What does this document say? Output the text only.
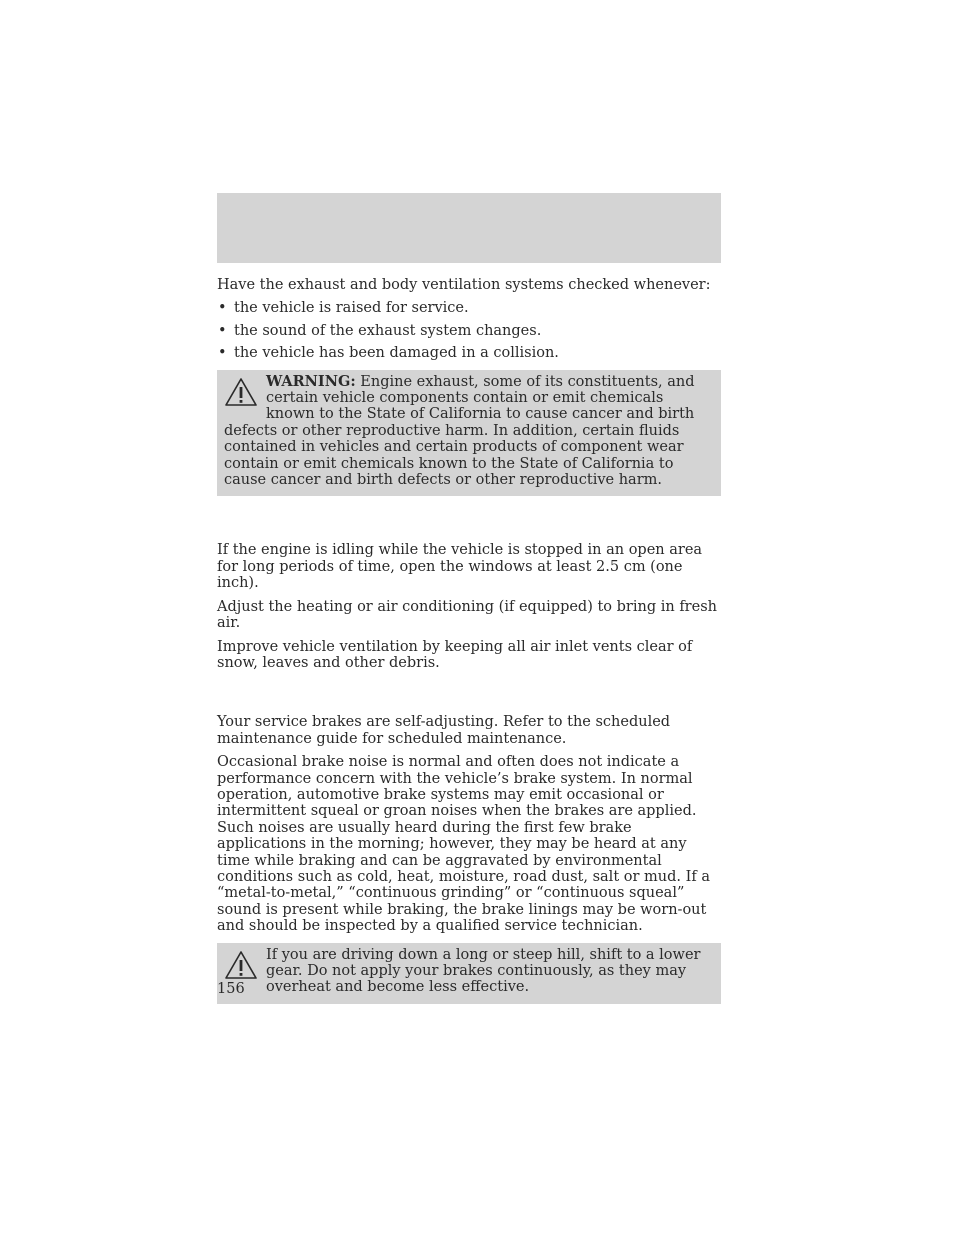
Have the exhaust and body ventilation systems checked whenever:

• the vehicle is raised for service.
• the sound of the exhaust system changes.
• the vehicle has been damaged in a collision.
WARNING: Engine exhaust, some of its constituents, and certain vehicle components contain or emit chemicals known to the State of California to cause cancer and birth defects or other reproductive harm. In addition, certain fluids contained in vehicles and certain products of component wear contain or emit chemicals known to the State of California to cause cancer and birth defects or other reproductive harm.

If the engine is idling while the vehicle is stopped in an open area for long periods of time, open the windows at least 2.5 cm (one inch).

Adjust the heating or air conditioning (if equipped) to bring in fresh air.

Improve vehicle ventilation by keeping all air inlet vents clear of snow, leaves and other debris.

Your service brakes are self-adjusting. Refer to the scheduled maintenance guide for scheduled maintenance.

Occasional brake noise is normal and often does not indicate a performance concern with the vehicle’s brake system. In normal operation, automotive brake systems may emit occasional or intermittent squeal or groan noises when the brakes are applied. Such noises are usually heard during the first few brake applications in the morning; however, they may be heard at any time while braking and can be aggravated by environmental conditions such as cold, heat, moisture, road dust, salt or mud. If a “metal-to-metal,” “continuous grinding” or “continuous squeal” sound is present while braking, the brake linings may be worn-out and should be inspected by a qualified service technician.

If you are driving down a long or steep hill, shift to a lower gear. Do not apply your brakes continuously, as they may overheat and become less effective.
156
